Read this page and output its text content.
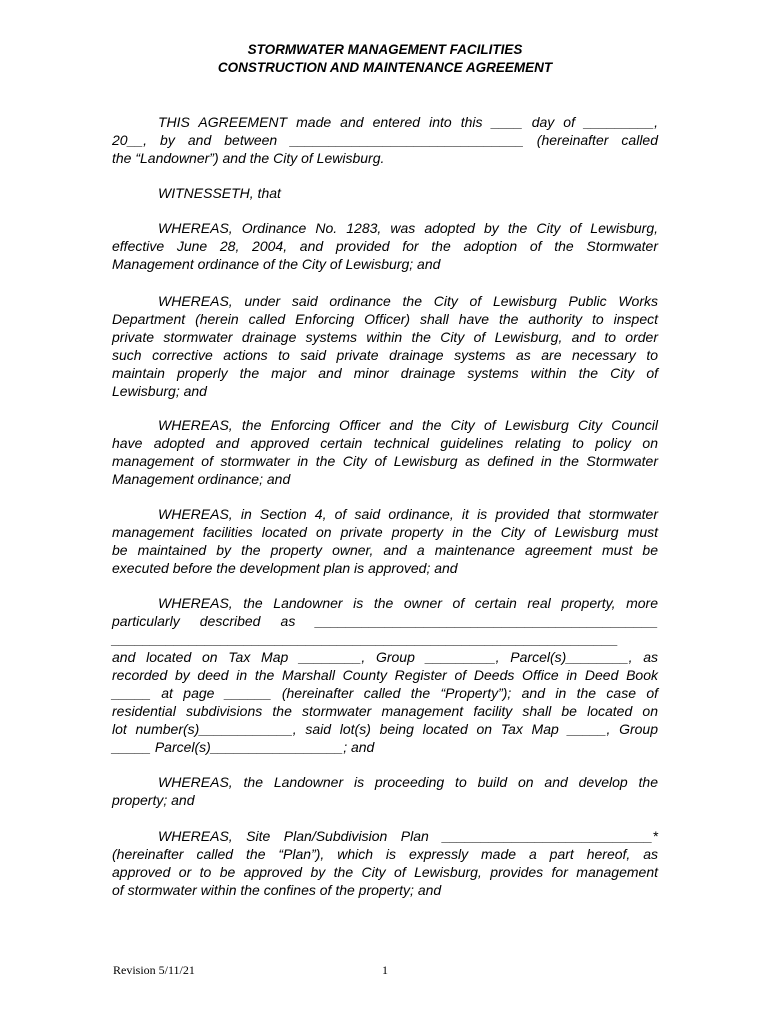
STORMWATER MANAGEMENT FACILITIES
CONSTRUCTION AND MAINTENANCE AGREEMENT
THIS AGREEMENT made and entered into this ____ day of _________,
20__, by and between ______________________________ (hereinafter called
the “Landowner”) and the City of Lewisburg.
WITNESSETH, that
WHEREAS, Ordinance No. 1283, was adopted by the City of Lewisburg,
effective June 28, 2004, and provided for the adoption of the Stormwater
Management ordinance of the City of Lewisburg; and
WHEREAS, under said ordinance the City of Lewisburg Public Works
Department (herein called Enforcing Officer) shall have the authority to inspect
private stormwater drainage systems within the City of Lewisburg, and to order
such corrective actions to said private drainage systems as are necessary to
maintain properly the major and minor drainage systems within the City of
Lewisburg; and
WHEREAS, the Enforcing Officer and the City of Lewisburg City Council
have adopted and approved certain technical guidelines relating to policy on
management of stormwater in the City of Lewisburg as defined in the Stormwater
Management ordinance; and
WHEREAS, in Section 4, of said ordinance, it is provided that stormwater
management facilities located on private property in the City of Lewisburg must
be maintained by the property owner, and a maintenance agreement must be
executed before the development plan is approved; and
WHEREAS, the Landowner is the owner of certain real property, more
particularly described as ____________________________________________
_________________________________________________________________
and located on Tax Map ________, Group _________, Parcel(s)________, as
recorded by deed in the Marshall County Register of Deeds Office in Deed Book
_____ at page ______ (hereinafter called the “Property”); and in the case of
residential subdivisions the stormwater management facility shall be located on
lot number(s)____________, said lot(s) being located on Tax Map _____, Group
_____ Parcel(s)_________________; and
WHEREAS, the Landowner is proceeding to build on and develop the
property; and
WHEREAS, Site Plan/Subdivision Plan ___________________________*
(hereinafter called the “Plan”), which is expressly made a part hereof, as
approved or to be approved by the City of Lewisburg, provides for management
of stormwater within the confines of the property; and
Revision 5/11/21	1
